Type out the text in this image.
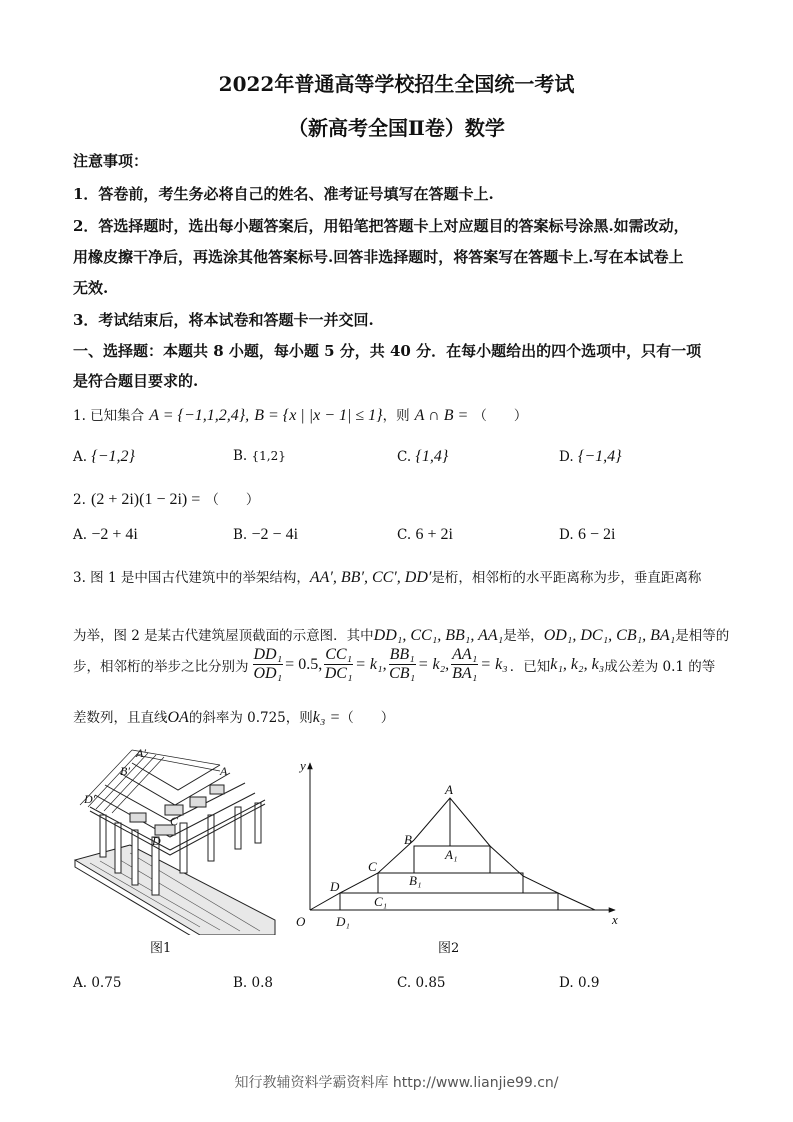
2022年普通高等学校招生全国统一考试
（新高考全国Ⅱ卷）数学
注意事项：
1．答卷前，考生务必将自己的姓名、准考证号填写在答题卡上.
2．答选择题时，选出每小题答案后，用铅笔把答题卡上对应题目的答案标号涂黑.如需改动，
用橡皮擦干净后，再选涂其他答案标号.回答非选择题时，将答案写在答题卡上.写在本试卷上
无效.
3．考试结束后，将本试卷和答题卡一并交回.
一、选择题：本题共 8 小题，每小题 5 分，共 40 分．在每小题给出的四个选项中，只有一项
是符合题目要求的.
1. 已知集合 A = {−1,1,2,4}, B = {x | |x − 1| ≤ 1}，则 A ∩ B = （　　）
A. {−1,2}	B. {1,2}	C. {1,4}	D. {−1,4}
2. (2 + 2i)(1 − 2i) = （　　）
A. −2 + 4i	B. −2 − 4i	C. 6 + 2i	D. 6 − 2i
3. 图 1 是中国古代建筑中的举架结构，AA′, BB′, CC′, DD′是桁，相邻桁的水平距离称为步，垂直距离称
为举，图 2 是某古代建筑屋顶截面的示意图．其中DD₁, CC₁, BB₁, AA₁是举，OD₁, DC₁, CB₁, BA₁是相等的
步，相邻桁的举步之比分别为 $\frac{\text{DD₁}}{\text{OD₁}} = 0.5$, $\frac{\text{CC₁}}{\text{DC₁}} = k_1$, $\frac{\text{BB₁}}{\text{CB₁}} = k_2$, $\frac{\text{AA₁}}{\text{BA₁}} = k_3$ ．已知 k₁, k₂, k₃ 成公差为 0.1 的等
差数列，且直线OA的斜率为 0.725，则k₃ =（　　）
A′
B′	A
D′
C
D
图1
y
x
O
A
B
C
D
A₁
B₁
C₁
D₁
图2
A. 0.75	B. 0.8	C. 0.85	D. 0.9
知行教辅资料学霸资料库 http://www.lianjie99.cn/
